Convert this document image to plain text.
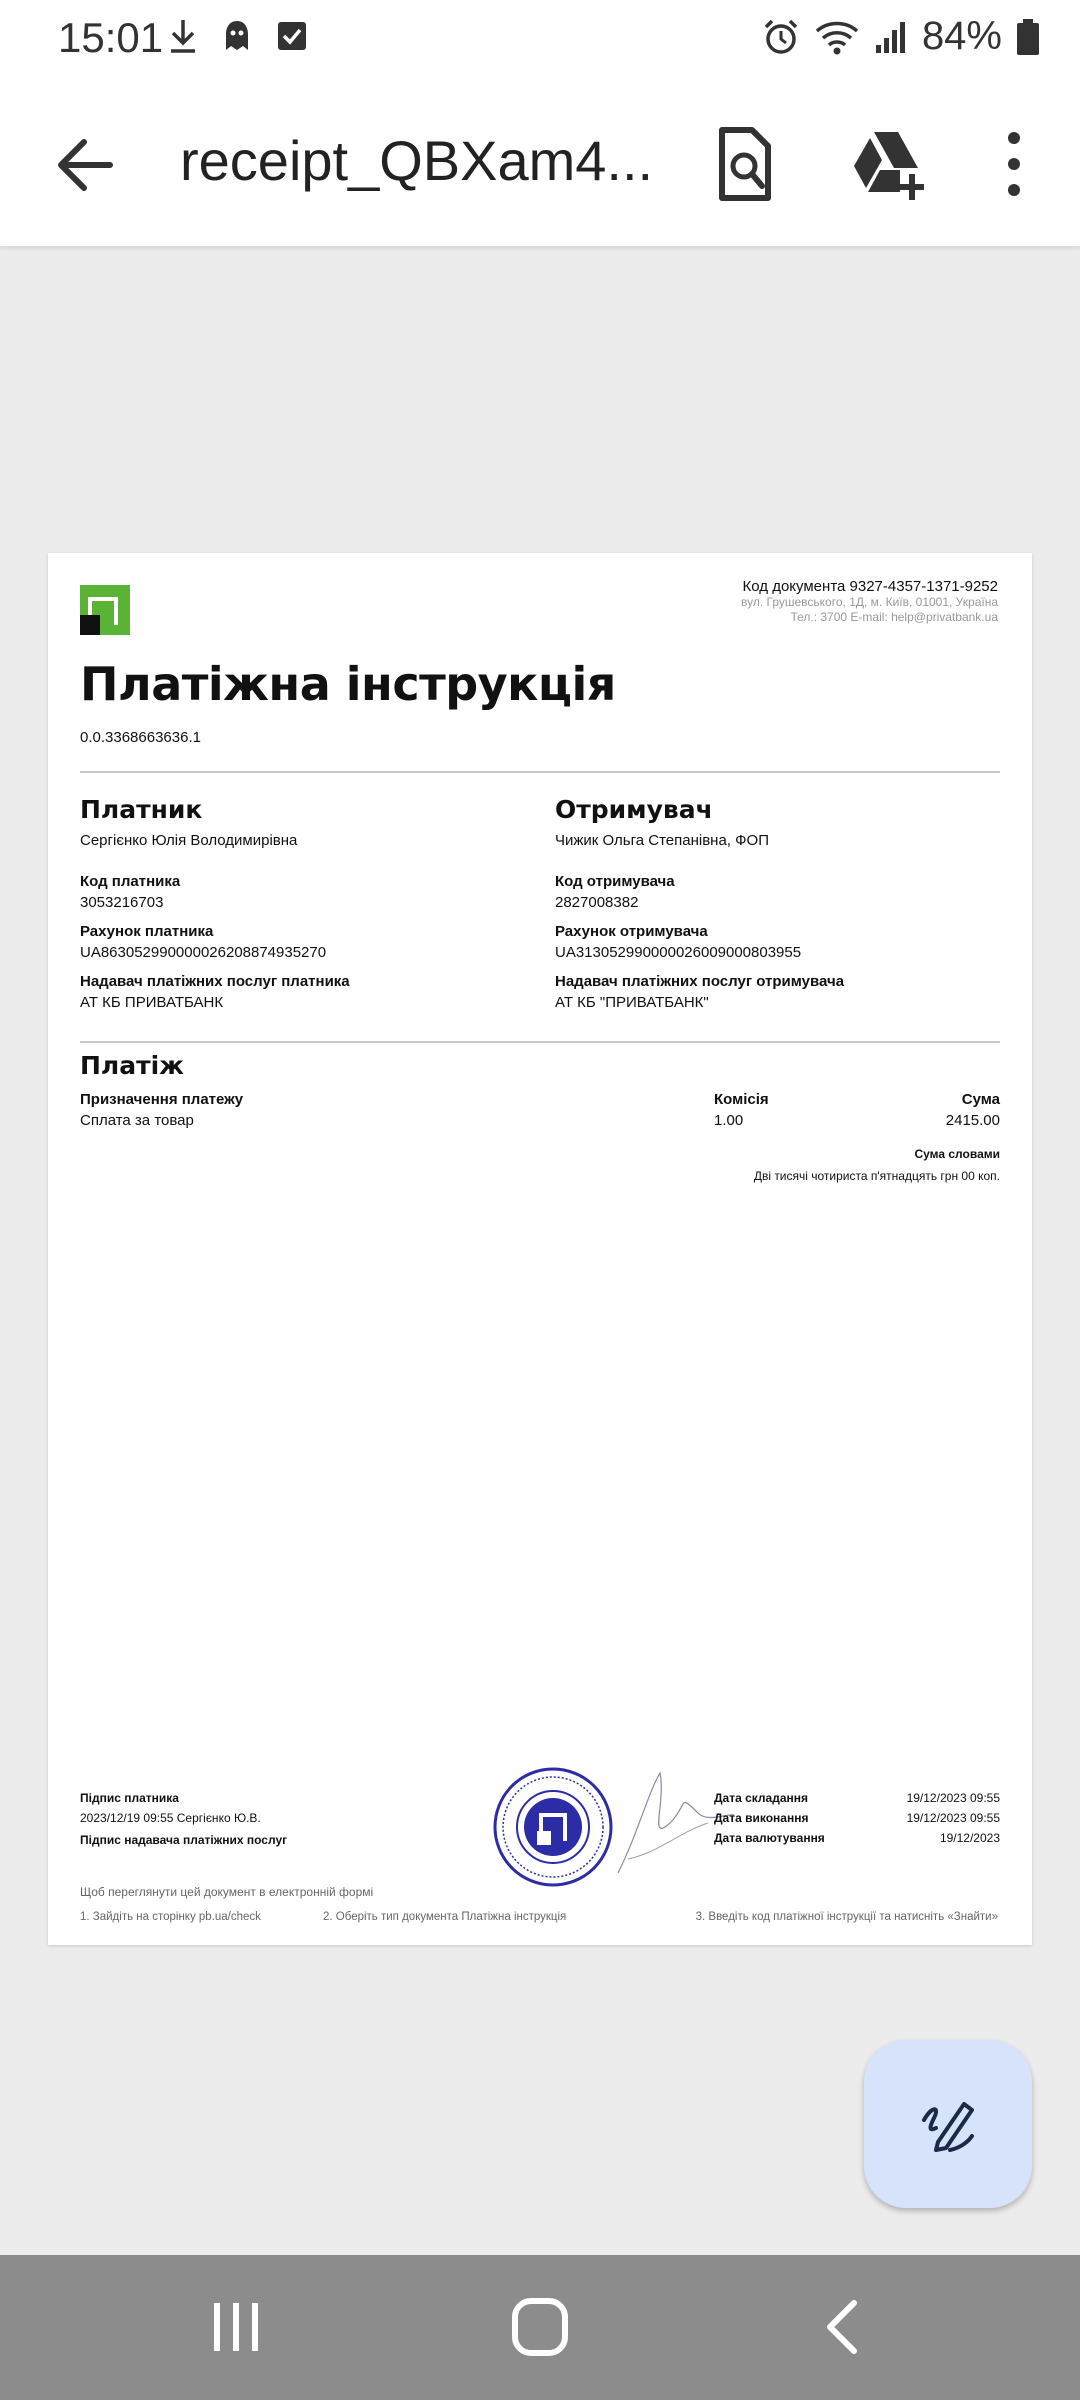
15:01	84%
receipt_QBXam4...
Код документа 9327-4357-1371-9252
вул. Грушевського, 1Д, м. Київ, 01001, Україна
Тел.: 3700 E-mail: help@privatbank.ua
Платіжна інструкція
0.0.3368663636.1
Платник
Сергієнко Юлія Володимирівна
Код платника
3053216703
Рахунок платника
UA863052990000026208874935270
Надавач платіжних послуг платника
АТ КБ ПРИВАТБАНК
Отримувач
Чижик Ольга Степанівна, ФОП
Код отримувача
2827008382
Рахунок отримувача
UA313052990000026009000803955
Надавач платіжних послуг отримувача
АТ КБ "ПРИВАТБАНК"
Платіж
Призначення платежу
Сплата за товар
Комісія
1.00
Сума
2415.00
Сума словами
Дві тисячі чотириста п'ятнадцять грн 00 коп.
Підпис платника
2023/12/19 09:55 Сергієнко Ю.В.
Підпис надавача платіжних послуг
Дата складання	19/12/2023 09:55
Дата виконання	19/12/2023 09:55
Дата валютування	19/12/2023
Щоб переглянути цей документ в електронній формі
1. Зайдіть на сторінку pb.ua/check	2. Оберіть тип документа Платіжна інструкція	3. Введіть код платіжної інструкції та натисніть «Знайти»
